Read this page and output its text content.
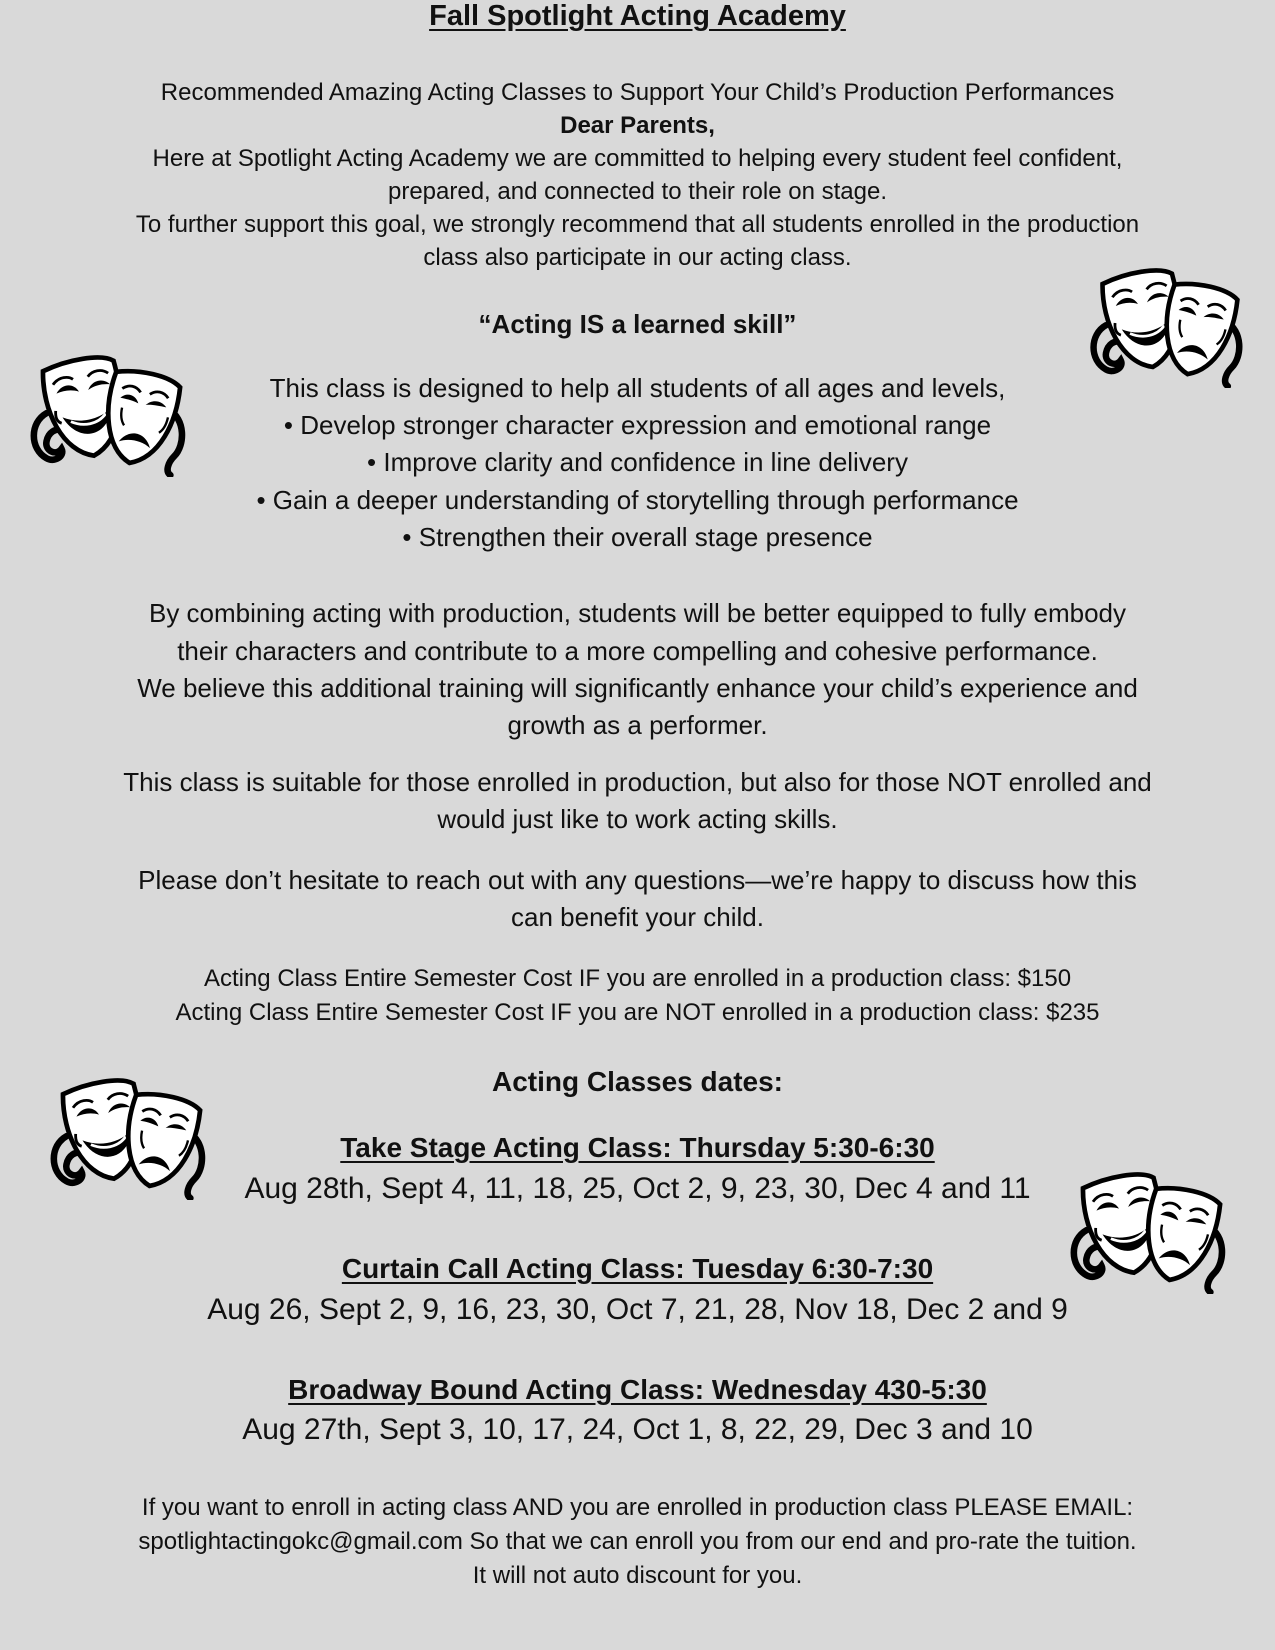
Fall Spotlight Acting Academy
Recommended Amazing Acting Classes to Support Your Child’s Production Performances
Dear Parents,
Here at Spotlight Acting Academy we are committed to helping every student feel confident,
prepared, and connected to their role on stage.
To further support this goal, we strongly recommend that all students enrolled in the production
class also participate in our acting class.
“Acting IS a learned skill”
This class is designed to help all students of all ages and levels,
• Develop stronger character expression and emotional range
• Improve clarity and confidence in line delivery
• Gain a deeper understanding of storytelling through performance
• Strengthen their overall stage presence
By combining acting with production, students will be better equipped to fully embody
their characters and contribute to a more compelling and cohesive performance.
We believe this additional training will significantly enhance your child’s experience and
growth as a performer.
This class is suitable for those enrolled in production, but also for those NOT enrolled and
would just like to work acting skills.
Please don’t hesitate to reach out with any questions—we’re happy to discuss how this
can benefit your child.
Acting Class Entire Semester Cost IF you are enrolled in a production class: $150
Acting Class Entire Semester Cost IF you are NOT enrolled in a production class: $235
Acting Classes dates:
Take Stage Acting Class: Thursday 5:30-6:30
Aug 28th, Sept 4, 11, 18, 25, Oct 2, 9, 23, 30, Dec 4 and 11
Curtain Call Acting Class: Tuesday 6:30-7:30
Aug 26, Sept 2, 9, 16, 23, 30, Oct 7, 21, 28, Nov 18, Dec 2 and 9
Broadway Bound Acting Class: Wednesday 430-5:30
Aug 27th, Sept 3, 10, 17, 24, Oct 1, 8, 22, 29, Dec 3 and 10
If you want to enroll in acting class AND you are enrolled in production class PLEASE EMAIL:
spotlightactingokc@gmail.com So that we can enroll you from our end and pro-rate the tuition.
It will not auto discount for you.
